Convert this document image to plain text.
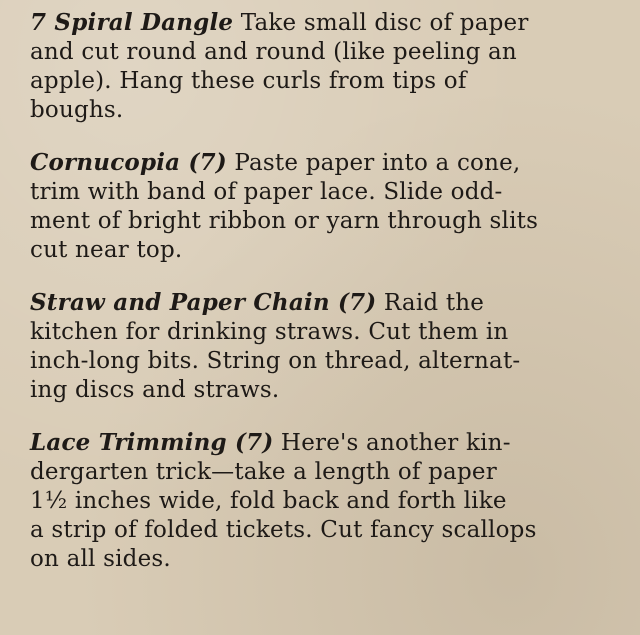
7 Spiral Dangle Take small disc of paper
and cut round and round (like peeling an
apple). Hang these curls from tips of
boughs.
Cornucopia (7) Paste paper into a cone,
trim with band of paper lace. Slide odd-
ment of bright ribbon or yarn through slits
cut near top.
Straw and Paper Chain (7) Raid the
kitchen for drinking straws. Cut them in
inch-long bits. String on thread, alternat-
ing discs and straws.
Lace Trimming (7) Here's another kin-
dergarten trick—take a length of paper
1½ inches wide, fold back and forth like
a strip of folded tickets. Cut fancy scallops
on all sides.
